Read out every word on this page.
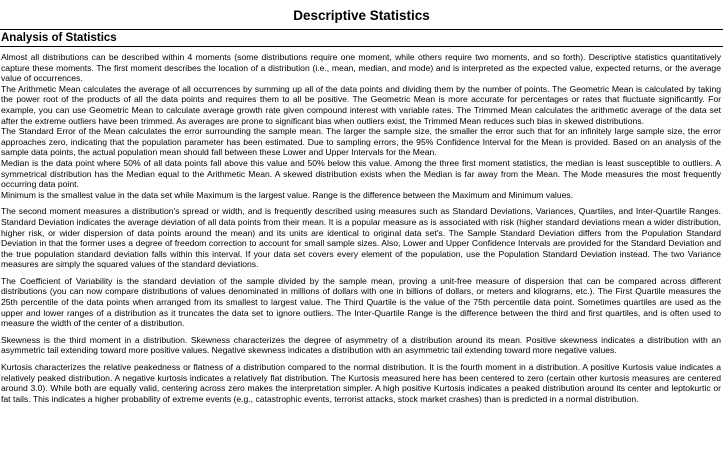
Descriptive Statistics
Analysis of Statistics

Almost all distributions can be described within 4 moments (some distributions require one moment, while others require two moments, and so forth). Descriptive statistics quantitatively capture these moments. The first moment describes the location of a distribution (i.e., mean, median, and mode) and is interpreted as the expected value, expected returns, or the average value of occurrences.

The Arithmetic Mean calculates the average of all occurrences by summing up all of the data points and dividing them by the number of points. The Geometric Mean is calculated by taking the power root of the products of all the data points and requires them to all be positive. The Geometric Mean is more accurate for percentages or rates that fluctuate significantly. For example, you can use Geometric Mean to calculate average growth rate given compound interest with variable rates. The Trimmed Mean calculates the arithmetic average of the data set after the extreme outliers have been trimmed. As averages are prone to significant bias when outliers exist, the Trimmed Mean reduces such bias in skewed distributions.

The Standard Error of the Mean calculates the error surrounding the sample mean. The larger the sample size, the smaller the error such that for an infinitely large sample size, the error approaches zero, indicating that the population parameter has been estimated. Due to sampling errors, the 95% Confidence Interval for the Mean is provided. Based on an analysis of the sample data points, the actual population mean should fall between these Lower and Upper Intervals for the Mean.

Median is the data point where 50% of all data points fall above this value and 50% below this value. Among the three first moment statistics, the median is least susceptible to outliers. A symmetrical distribution has the Median equal to the Arithmetic Mean. A skewed distribution exists when the Median is far away from the Mean. The Mode measures the most frequently occurring data point.

Minimum is the smallest value in the data set while Maximum is the largest value. Range is the difference between the Maximum and Minimum values.

The second moment measures a distribution's spread or width, and is frequently described using measures such as Standard Deviations, Variances, Quartiles, and Inter-Quartile Ranges. Standard Deviation indicates the average deviation of all data points from their mean. It is a popular measure as is associated with risk (higher standard deviations mean a wider distribution, higher risk, or wider dispersion of data points around the mean) and its units are identical to original data set's. The Sample Standard Deviation differs from the Population Standard Deviation in that the former uses a degree of freedom correction to account for small sample sizes. Also, Lower and Upper Confidence Intervals are provided for the Standard Deviation and the true population standard deviation falls within this interval. If your data set covers every element of the population, use the Population Standard Deviation instead. The two Variance measures are simply the squared values of the standard deviations.

The Coefficient of Variability is the standard deviation of the sample divided by the sample mean, proving a unit-free measure of dispersion that can be compared across different distributions (you can now compare distributions of values denominated in millions of dollars with one in billions of dollars, or meters and kilograms, etc.). The First Quartile measures the 25th percentile of the data points when arranged from its smallest to largest value. The Third Quartile is the value of the 75th percentile data point. Sometimes quartiles are used as the upper and lower ranges of a distribution as it truncates the data set to ignore outliers. The Inter-Quartile Range is the difference between the third and first quartiles, and is often used to measure the width of the center of a distribution.

Skewness is the third moment in a distribution. Skewness characterizes the degree of asymmetry of a distribution around its mean. Positive skewness indicates a distribution with an asymmetric tail extending toward more positive values. Negative skewness indicates a distribution with an asymmetric tail extending toward more negative values.

Kurtosis characterizes the relative peakedness or flatness of a distribution compared to the normal distribution. It is the fourth moment in a distribution. A positive Kurtosis value indicates a relatively peaked distribution. A negative kurtosis indicates a relatively flat distribution. The Kurtosis measured here has been centered to zero (certain other kurtosis measures are centered around 3.0). While both are equally valid, centering across zero makes the interpretation simpler. A high positive Kurtosis indicates a peaked distribution around its center and leptokurtic or fat tails. This indicates a higher probability of extreme events (e.g., catastrophic events, terrorist attacks, stock market crashes) than is predicted in a normal distribution.
